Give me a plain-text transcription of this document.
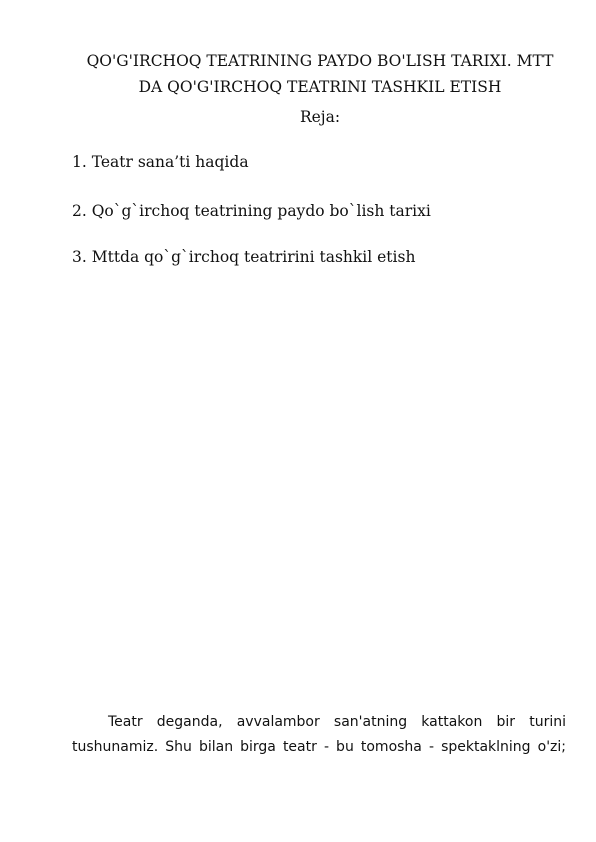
QO'G'IRCHOQ TEATRINING PAYDO BO'LISH TARIXI. MTT

DA QO'G'IRCHOQ TEATRINI TASHKIL ETISH

Reja:

1. Teatr sana’ti haqida

2. Qo`g`irchoq teatrining paydo bo`lish tarixi

3. Mttda qo`g`irchoq teatririni tashkil etish

Teatr deganda, avvalambor san'atning kattakon bir turini
tushunamiz. Shu bilan birga teatr - bu tomosha - spektaklning o'zi;
